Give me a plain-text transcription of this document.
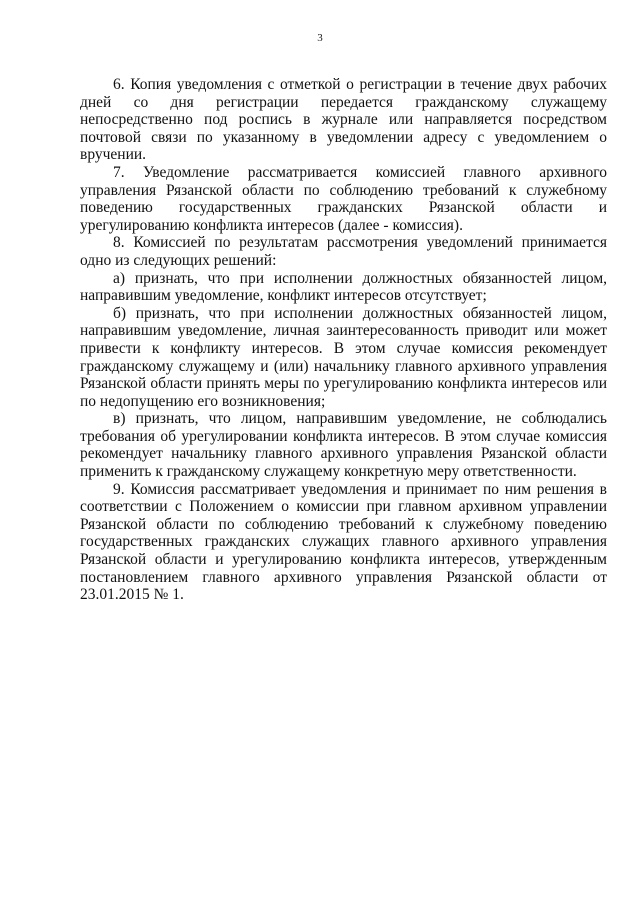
3

6. Копия уведомления с отметкой о регистрации в течение двух рабочих дней со дня регистрации передается гражданскому служащему непосредственно под роспись в журнале или направляется посредством почтовой связи по указанному в уведомлении адресу с уведомлением о вручении.

7. Уведомление рассматривается комиссией главного архивного управления Рязанской области по соблюдению требований к служебному поведению государственных гражданских Рязанской области и урегулированию конфликта интересов (далее - комиссия).

8. Комиссией по результатам рассмотрения уведомлений принимается одно из следующих решений:

а) признать, что при исполнении должностных обязанностей лицом, направившим уведомление, конфликт интересов отсутствует;

б) признать, что при исполнении должностных обязанностей лицом, направившим уведомление, личная заинтересованность приводит или может привести к конфликту интересов. В этом случае комиссия рекомендует гражданскому служащему и (или) начальнику главного архивного управления Рязанской области принять меры по урегулированию конфликта интересов или по недопущению его возникновения;

в) признать, что лицом, направившим уведомление, не соблюдались требования об урегулировании конфликта интересов. В этом случае комиссия рекомендует начальнику главного архивного управления Рязанской области применить к гражданскому служащему конкретную меру ответственности.

9. Комиссия рассматривает уведомления и принимает по ним решения в соответствии с Положением о комиссии при главном архивном управлении Рязанской области по соблюдению требований к служебному поведению государственных гражданских служащих главного архивного управления Рязанской области и урегулированию конфликта интересов, утвержденным постановлением главного архивного управления Рязанской области от 23.01.2015 № 1.
